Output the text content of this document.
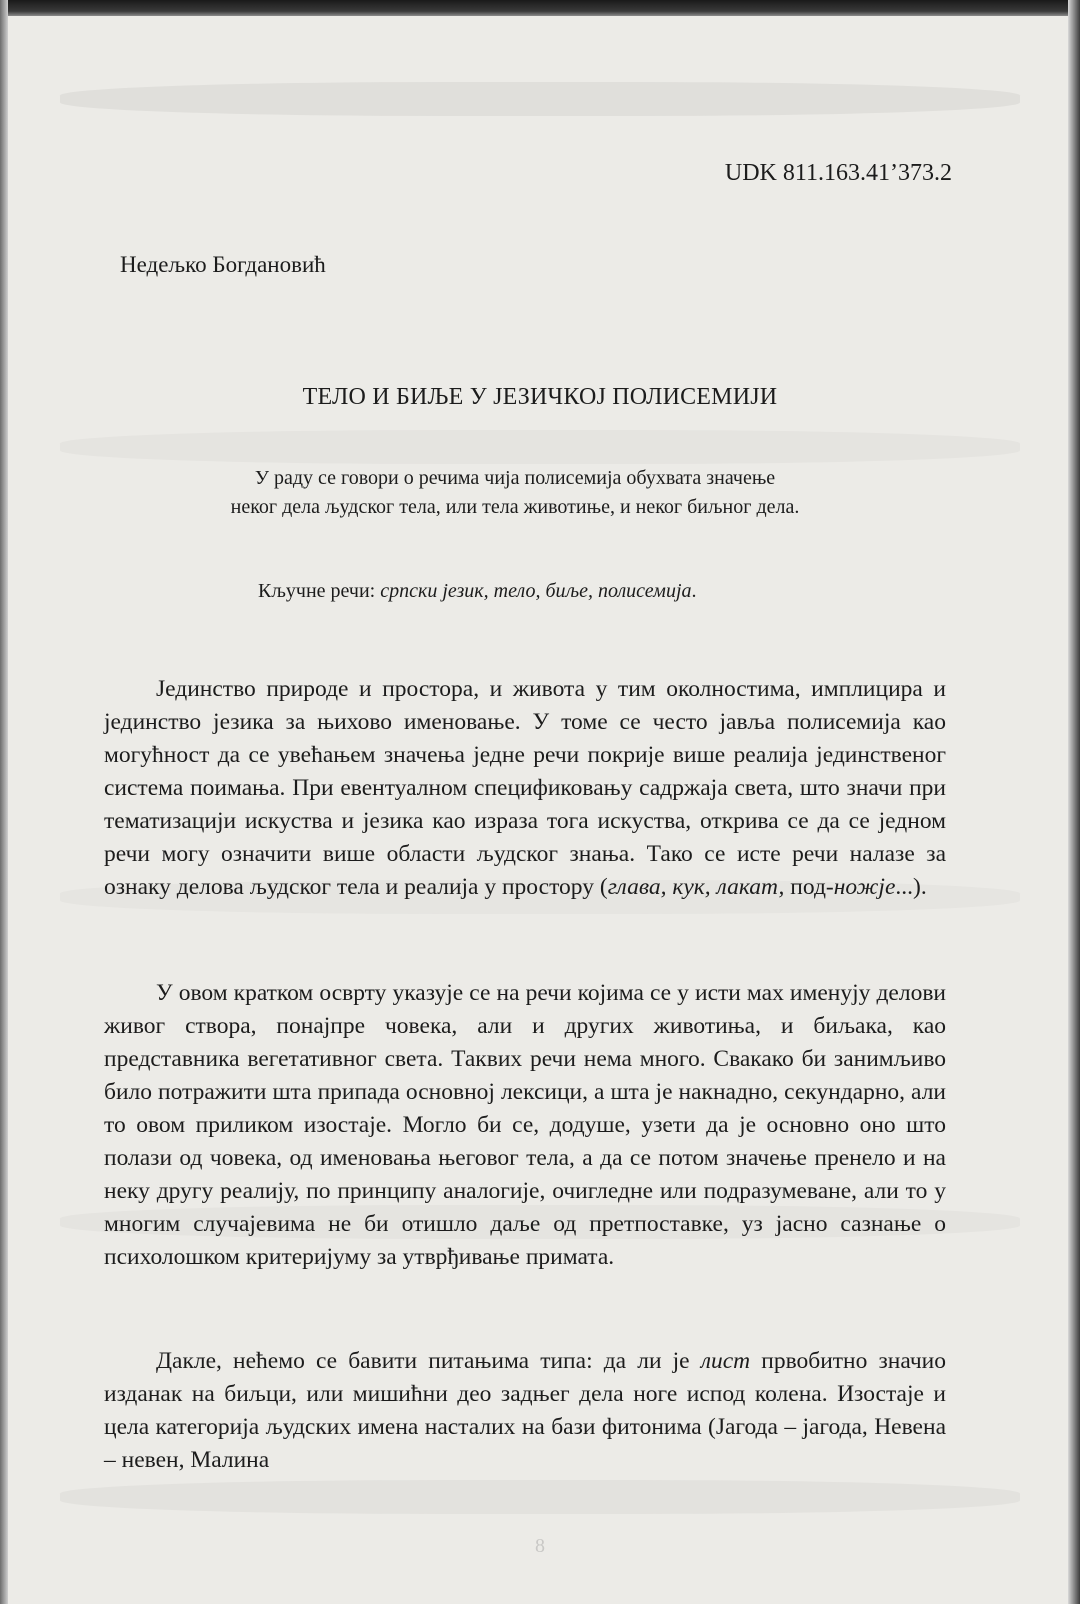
UDK 811.163.41’373.2

Недељко Богдановић

ТЕЛО И БИЉЕ У ЈЕЗИЧКОЈ ПОЛИСЕМИЈИ

У раду се говори о речима чија полисемија обухвата значење неког дела људског тела, или тела животиње, и неког биљног дела.

Кључне речи: српски језик, тело, биље, полисемија.

Јединство природе и простора, и живота у тим околностима, имплицира и јединство језика за њихово именовање. У томе се често јавља полисемија као могућност да се увећањем значења једне речи покрије више реалија јединственог система поимања. При евентуалном спецификовању садржаја света, што значи при тематизацији искуства и језика као израза тога искуства, открива се да се једном речи могу означити више области људског знања. Тако се исте речи налазе за ознаку делова људског тела и реалија у простору (глава, кук, лакат, под-ножје...).

У овом кратком осврту указује се на речи којима се у исти мах именују делови живог створа, понајпре човека, али и других животиња, и биљака, као представника вегетативног света. Таквих речи нема много. Свакако би занимљиво било потражити шта припада основној лексици, а шта је накнадно, секундарно, али то овом приликом изостаје. Могло би се, додуше, узети да је основно оно што полази од човека, од именовања његовог тела, а да се потом значење пренело и на неку другу реалију, по принципу аналогије, очигледне или подразумеване, али то у многим случајевима не би отишло даље од претпоставке, уз јасно сазнање о психолошком критеријуму за утврђивање примата.

Дакле, нећемо се бавити питањима типа: да ли је лист првобитно значио изданак на биљци, или мишићни део задњег дела ноге испод колена. Изостаје и цела категорија људских имена насталих на бази фитонима (Јагода – јагода, Невена – невен, Малина

8
